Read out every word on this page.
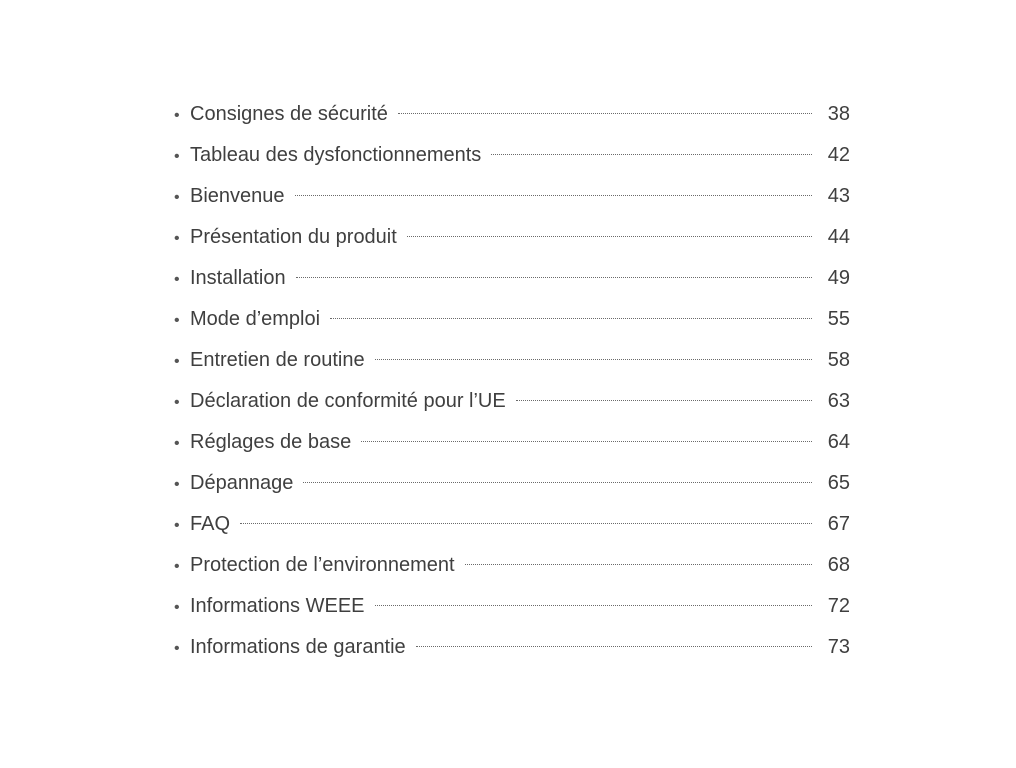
• Consignes de sécurité	38
• Tableau des dysfonctionnements	42
• Bienvenue	43
• Présentation du produit	44
• Installation	49
• Mode d’emploi	55
• Entretien de routine	58
• Déclaration de conformité pour l’UE	63
• Réglages de base	64
• Dépannage	65
• FAQ	67
• Protection de l’environnement	68
• Informations WEEE	72
• Informations de garantie	73
